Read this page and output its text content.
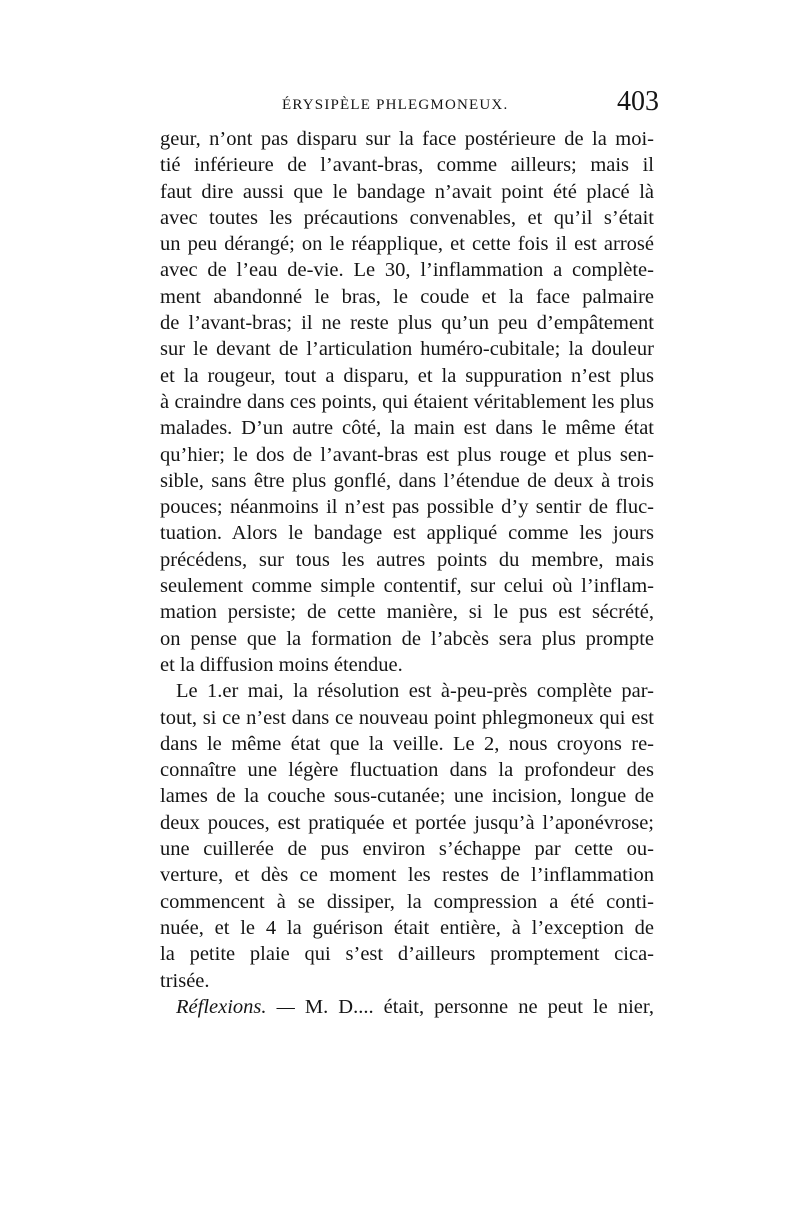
ÉRYSIPÈLE PHLEGMONEUX.	403
geur, n’ont pas disparu sur la face postérieure de la moi-
tié inférieure de l’avant-bras, comme ailleurs; mais il
faut dire aussi que le bandage n’avait point été placé là
avec toutes les précautions convenables, et qu’il s’était
un peu dérangé; on le réapplique, et cette fois il est arrosé
avec de l’eau de-vie. Le 30, l’inflammation a complète-
ment abandonné le bras, le coude et la face palmaire
de l’avant-bras; il ne reste plus qu’un peu d’empâtement
sur le devant de l’articulation huméro-cubitale; la douleur
et la rougeur, tout a disparu, et la suppuration n’est plus
à craindre dans ces points, qui étaient véritablement les plus
malades. D’un autre côté, la main est dans le même état
qu’hier; le dos de l’avant-bras est plus rouge et plus sen-
sible, sans être plus gonflé, dans l’étendue de deux à trois
pouces; néanmoins il n’est pas possible d’y sentir de fluc-
tuation. Alors le bandage est appliqué comme les jours
précédens, sur tous les autres points du membre, mais
seulement comme simple contentif, sur celui où l’inflam-
mation persiste; de cette manière, si le pus est sécrété,
on pense que la formation de l’abcès sera plus prompte
et la diffusion moins étendue.
Le 1.er mai, la résolution est à-peu-près complète par-
tout, si ce n’est dans ce nouveau point phlegmoneux qui est
dans le même état que la veille. Le 2, nous croyons re-
connaître une légère fluctuation dans la profondeur des
lames de la couche sous-cutanée; une incision, longue de
deux pouces, est pratiquée et portée jusqu’à l’aponévrose;
une cuillerée de pus environ s’échappe par cette ou-
verture, et dès ce moment les restes de l’inflammation
commencent à se dissiper, la compression a été conti-
nuée, et le 4 la guérison était entière, à l’exception de
la petite plaie qui s’est d’ailleurs promptement cica-
trisée.
Réflexions. — M. D.... était, personne ne peut le nier,
